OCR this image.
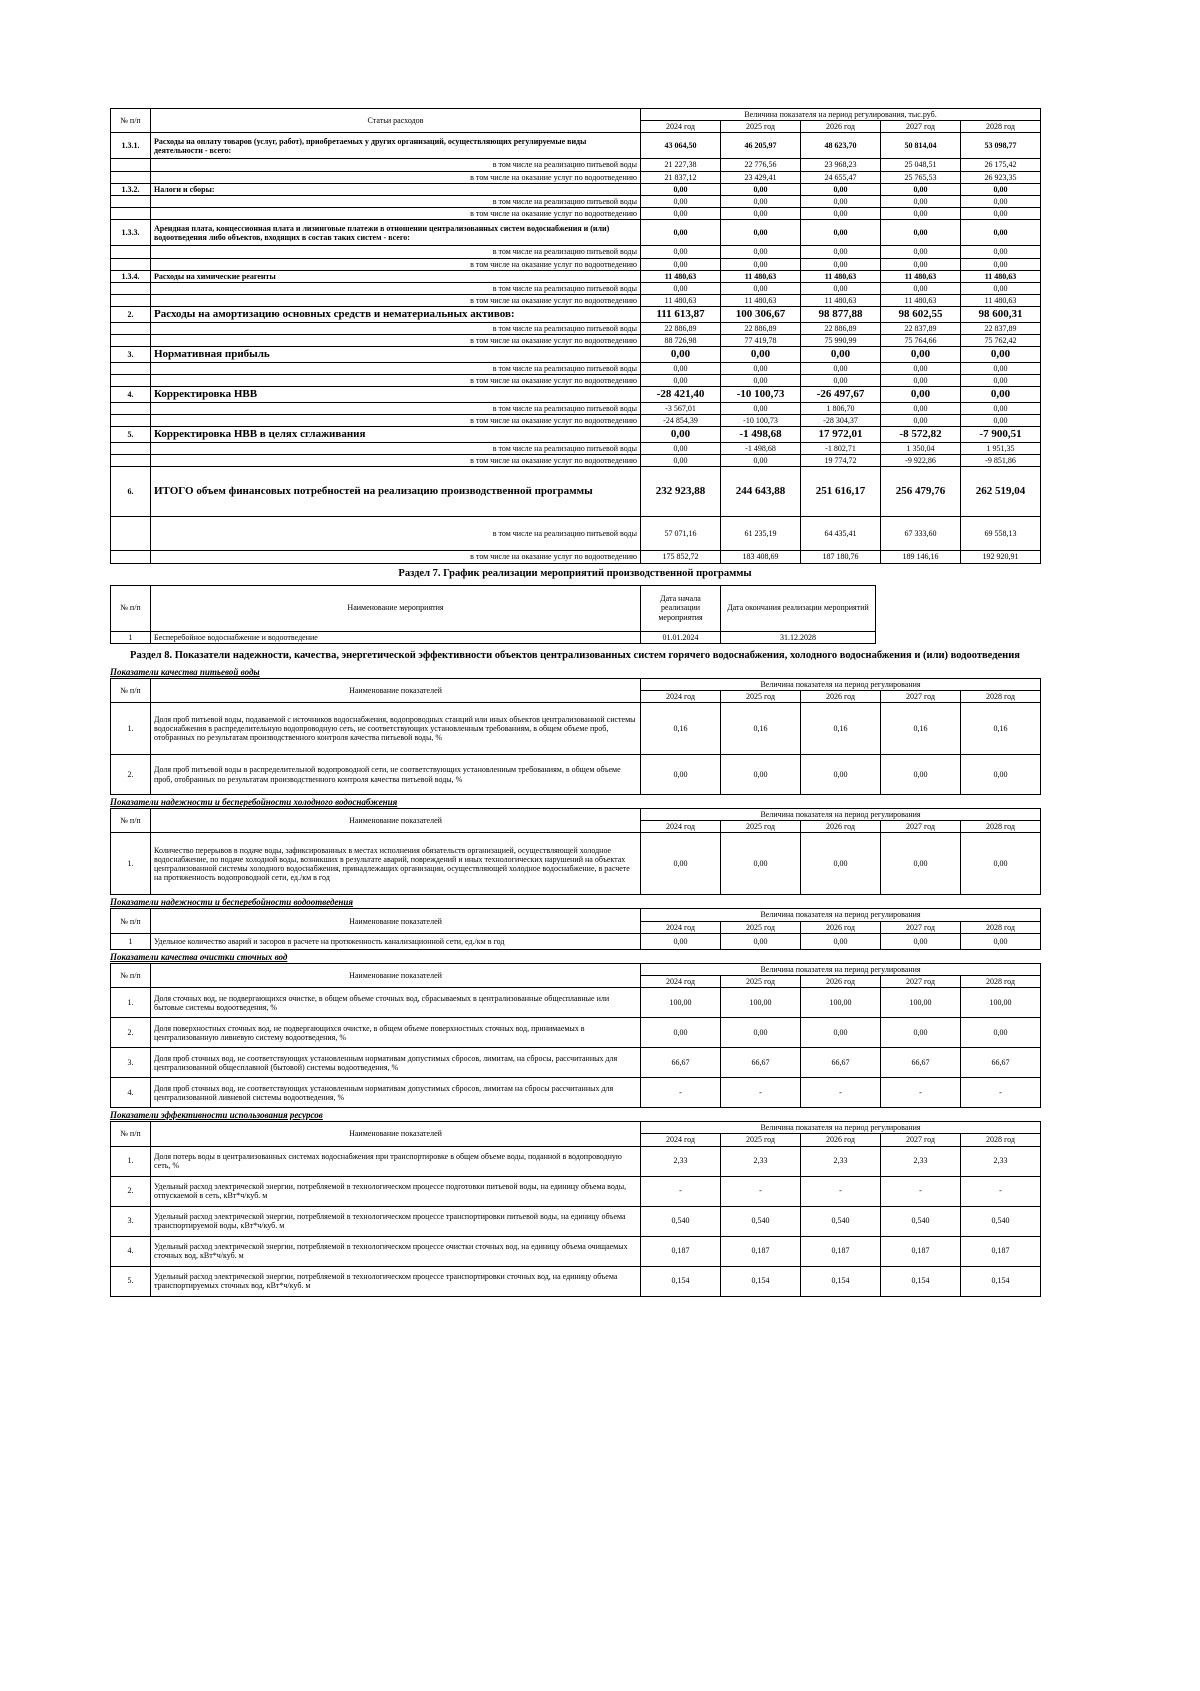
№ п/п	Статьи расходов	Величина показателя на период регулирования, тыс.руб.				
		2024 год	2025 год	2026 год	2027 год	2028 год
1.3.1.	Расходы на оплату товаров (услуг, работ), приобретаемых у других организаций, осуществляющих регулируемые виды деятельности - всего:	43 064,50	46 205,97	48 623,70	50 814,04	53 098,77
	в том числе на реализацию питьевой воды	21 227,38	22 776,56	23 968,23	25 048,51	26 175,42
	в том числе на оказание услуг по водоотведению	21 837,12	23 429,41	24 655,47	25 765,53	26 923,35
1.3.2.	Налоги и сборы:	0,00	0,00	0,00	0,00	0,00
	в том числе на реализацию питьевой воды	0,00	0,00	0,00	0,00	0,00
	в том числе на оказание услуг по водоотведению	0,00	0,00	0,00	0,00	0,00
1.3.3.	Арендная плата, концессионная плата и лизинговые платежи в отношении централизованных систем водоснабжения и (или) водоотведения либо объектов, входящих в состав таких систем - всего:	0,00	0,00	0,00	0,00	0,00
	в том числе на реализацию питьевой воды	0,00	0,00	0,00	0,00	0,00
	в том числе на оказание услуг по водоотведению	0,00	0,00	0,00	0,00	0,00
1.3.4.	Расходы на химические реагенты	11 480,63	11 480,63	11 480,63	11 480,63	11 480,63
	в том числе на реализацию питьевой воды	0,00	0,00	0,00	0,00	0,00
	в том числе на оказание услуг по водоотведению	11 480,63	11 480,63	11 480,63	11 480,63	11 480,63
2.	Расходы на амортизацию основных средств и нематериальных активов:	111 613,87	100 306,67	98 877,88	98 602,55	98 600,31
	в том числе на реализацию питьевой воды	22 886,89	22 886,89	22 886,89	22 837,89	22 837,89
	в том числе на оказание услуг по водоотведению	88 726,98	77 419,78	75 990,99	75 764,66	75 762,42
3.	Нормативная прибыль	0,00	0,00	0,00	0,00	0,00
	в том числе на реализацию питьевой воды	0,00	0,00	0,00	0,00	0,00
	в том числе на оказание услуг по водоотведению	0,00	0,00	0,00	0,00	0,00
4.	Корректировка НВВ	-28 421,40	-10 100,73	-26 497,67	0,00	0,00
	в том числе на реализацию питьевой воды	-3 567,01	0,00	1 806,70	0,00	0,00
	в том числе на оказание услуг по водоотведению	-24 854,39	-10 100,73	-28 304,37	0,00	0,00
5.	Корректировка НВВ в целях сглаживания	0,00	-1 498,68	17 972,01	-8 572,82	-7 900,51
	в том числе на реализацию питьевой воды	0,00	-1 498,68	-1 802,71	1 350,04	1 951,35
	в том числе на оказание услуг по водоотведению	0,00	0,00	19 774,72	-9 922,86	-9 851,86
6.	ИТОГО объем финансовых потребностей на реализацию производственной программы	232 923,88	244 643,88	251 616,17	256 479,76	262 519,04
	в том числе на реализацию питьевой воды	57 071,16	61 235,19	64 435,41	67 333,60	69 558,13
	в том числе на оказание услуг по водоотведению	175 852,72	183 408,69	187 180,76	189 146,16	192 920,91
Раздел 7. График реализации мероприятий производственной программы
№ п/п	Наименование мероприятия	Дата начала реализации мероприятия	Дата окончания реализации мероприятий
1	Бесперебойное водоснабжение и водоотведение	01.01.2024	31.12.2028
Раздел 8. Показатели надежности, качества, энергетической эффективности объектов централизованных систем горячего водоснабжения, холодного водоснабжения и (или) водоотведения
Показатели качества питьевой воды
№ п/п	Наименование показателей	Величина показателя на период регулирования				
		2024 год	2025 год	2026 год	2027 год	2028 год
1.	Доля проб питьевой воды, подаваемой с источников водоснабжения, водопроводных станций или иных объектов централизованной системы водоснабжения в распределительную водопроводную сеть, не соответствующих установленным требованиям, в общем объеме проб, отобранных по результатам производственного контроля качества питьевой воды, %	0,16	0,16	0,16	0,16	0,16
2.	Доля проб питьевой воды в распределительной водопроводной сети, не соответствующих установленным требованиям, в общем объеме проб, отобранных по результатам производственного контроля качества питьевой воды, %	0,00	0,00	0,00	0,00	0,00
Показатели надежности и бесперебойности холодного водоснабжения
№ п/п	Наименование показателей	Величина показателя на период регулирования				
		2024 год	2025 год	2026 год	2027 год	2028 год
1.	Количество перерывов в подаче воды, зафиксированных в местах исполнения обязательств организацией, осуществляющей холодное водоснабжение, по подаче холодной воды, возникших в результате аварий, повреждений и иных технологических нарушений на объектах централизованной системы холодного водоснабжения, принадлежащих организации, осуществляющей холодное водоснабжение, в расчете на протяженность водопроводной сети, ед./км в год	0,00	0,00	0,00	0,00	0,00
Показатели надежности и бесперебойности водоотведения
№ п/п	Наименование показателей	Величина показателя на период регулирования				
		2024 год	2025 год	2026 год	2027 год	2028 год
1	Удельное количество аварий и засоров в расчете на протяженность канализационной сети, ед./км в год	0,00	0,00	0,00	0,00	0,00
Показатели качества очистки сточных вод
№ п/п	Наименование показателей	Величина показателя на период регулирования				
		2024 год	2025 год	2026 год	2027 год	2028 год
1.	Доля сточных вод, не подвергающихся очистке, в общем объеме сточных вод, сбрасываемых в централизованные общесплавные или бытовые системы водоотведения, %	100,00	100,00	100,00	100,00	100,00
2.	Доля поверхностных сточных вод, не подвергающихся очистке, в общем объеме поверхностных сточных вод, принимаемых в централизованную ливневую систему водоотведения, %	0,00	0,00	0,00	0,00	0,00
3.	Доля проб сточных вод, не соответствующих установленным нормативам допустимых сбросов, лимитам, на сбросы, рассчитанных для централизованной общесплавной (бытовой) системы водоотведения, %	66,67	66,67	66,67	66,67	66,67
4.	Доля проб сточных вод, не соответствующих установленным нормативам допустимых сбросов, лимитам на сбросы рассчитанных для централизованной ливневой системы водоотведения, %	-	-	-	-	-
Показатели эффективности использования ресурсов
№ п/п	Наименование показателей	Величина показателя на период регулирования				
		2024 год	2025 год	2026 год	2027 год	2028 год
1.	Доля потерь воды в централизованных системах водоснабжения при транспортировке в общем объеме воды, поданной в водопроводную сеть, %	2,33	2,33	2,33	2,33	2,33
2.	Удельный расход электрической энергии, потребляемой в технологическом процессе подготовки питьевой воды, на единицу объема воды, отпускаемой в сеть, кВт*ч/куб. м	-	-	-	-	-
3.	Удельный расход электрической энергии, потребляемой в технологическом процессе транспортировки питьевой воды, на единицу объема транспортируемой воды, кВт*ч/куб. м	0,540	0,540	0,540	0,540	0,540
4.	Удельный расход электрической энергии, потребляемой в технологическом процессе очистки сточных вод, на единицу объема очищаемых сточных вод, кВт*ч/куб. м	0,187	0,187	0,187	0,187	0,187
5.	Удельный расход электрической энергии, потребляемой в технологическом процессе транспортировки сточных вод, на единицу объема транспортируемых сточных вод, кВт*ч/куб. м	0,154	0,154	0,154	0,154	0,154
